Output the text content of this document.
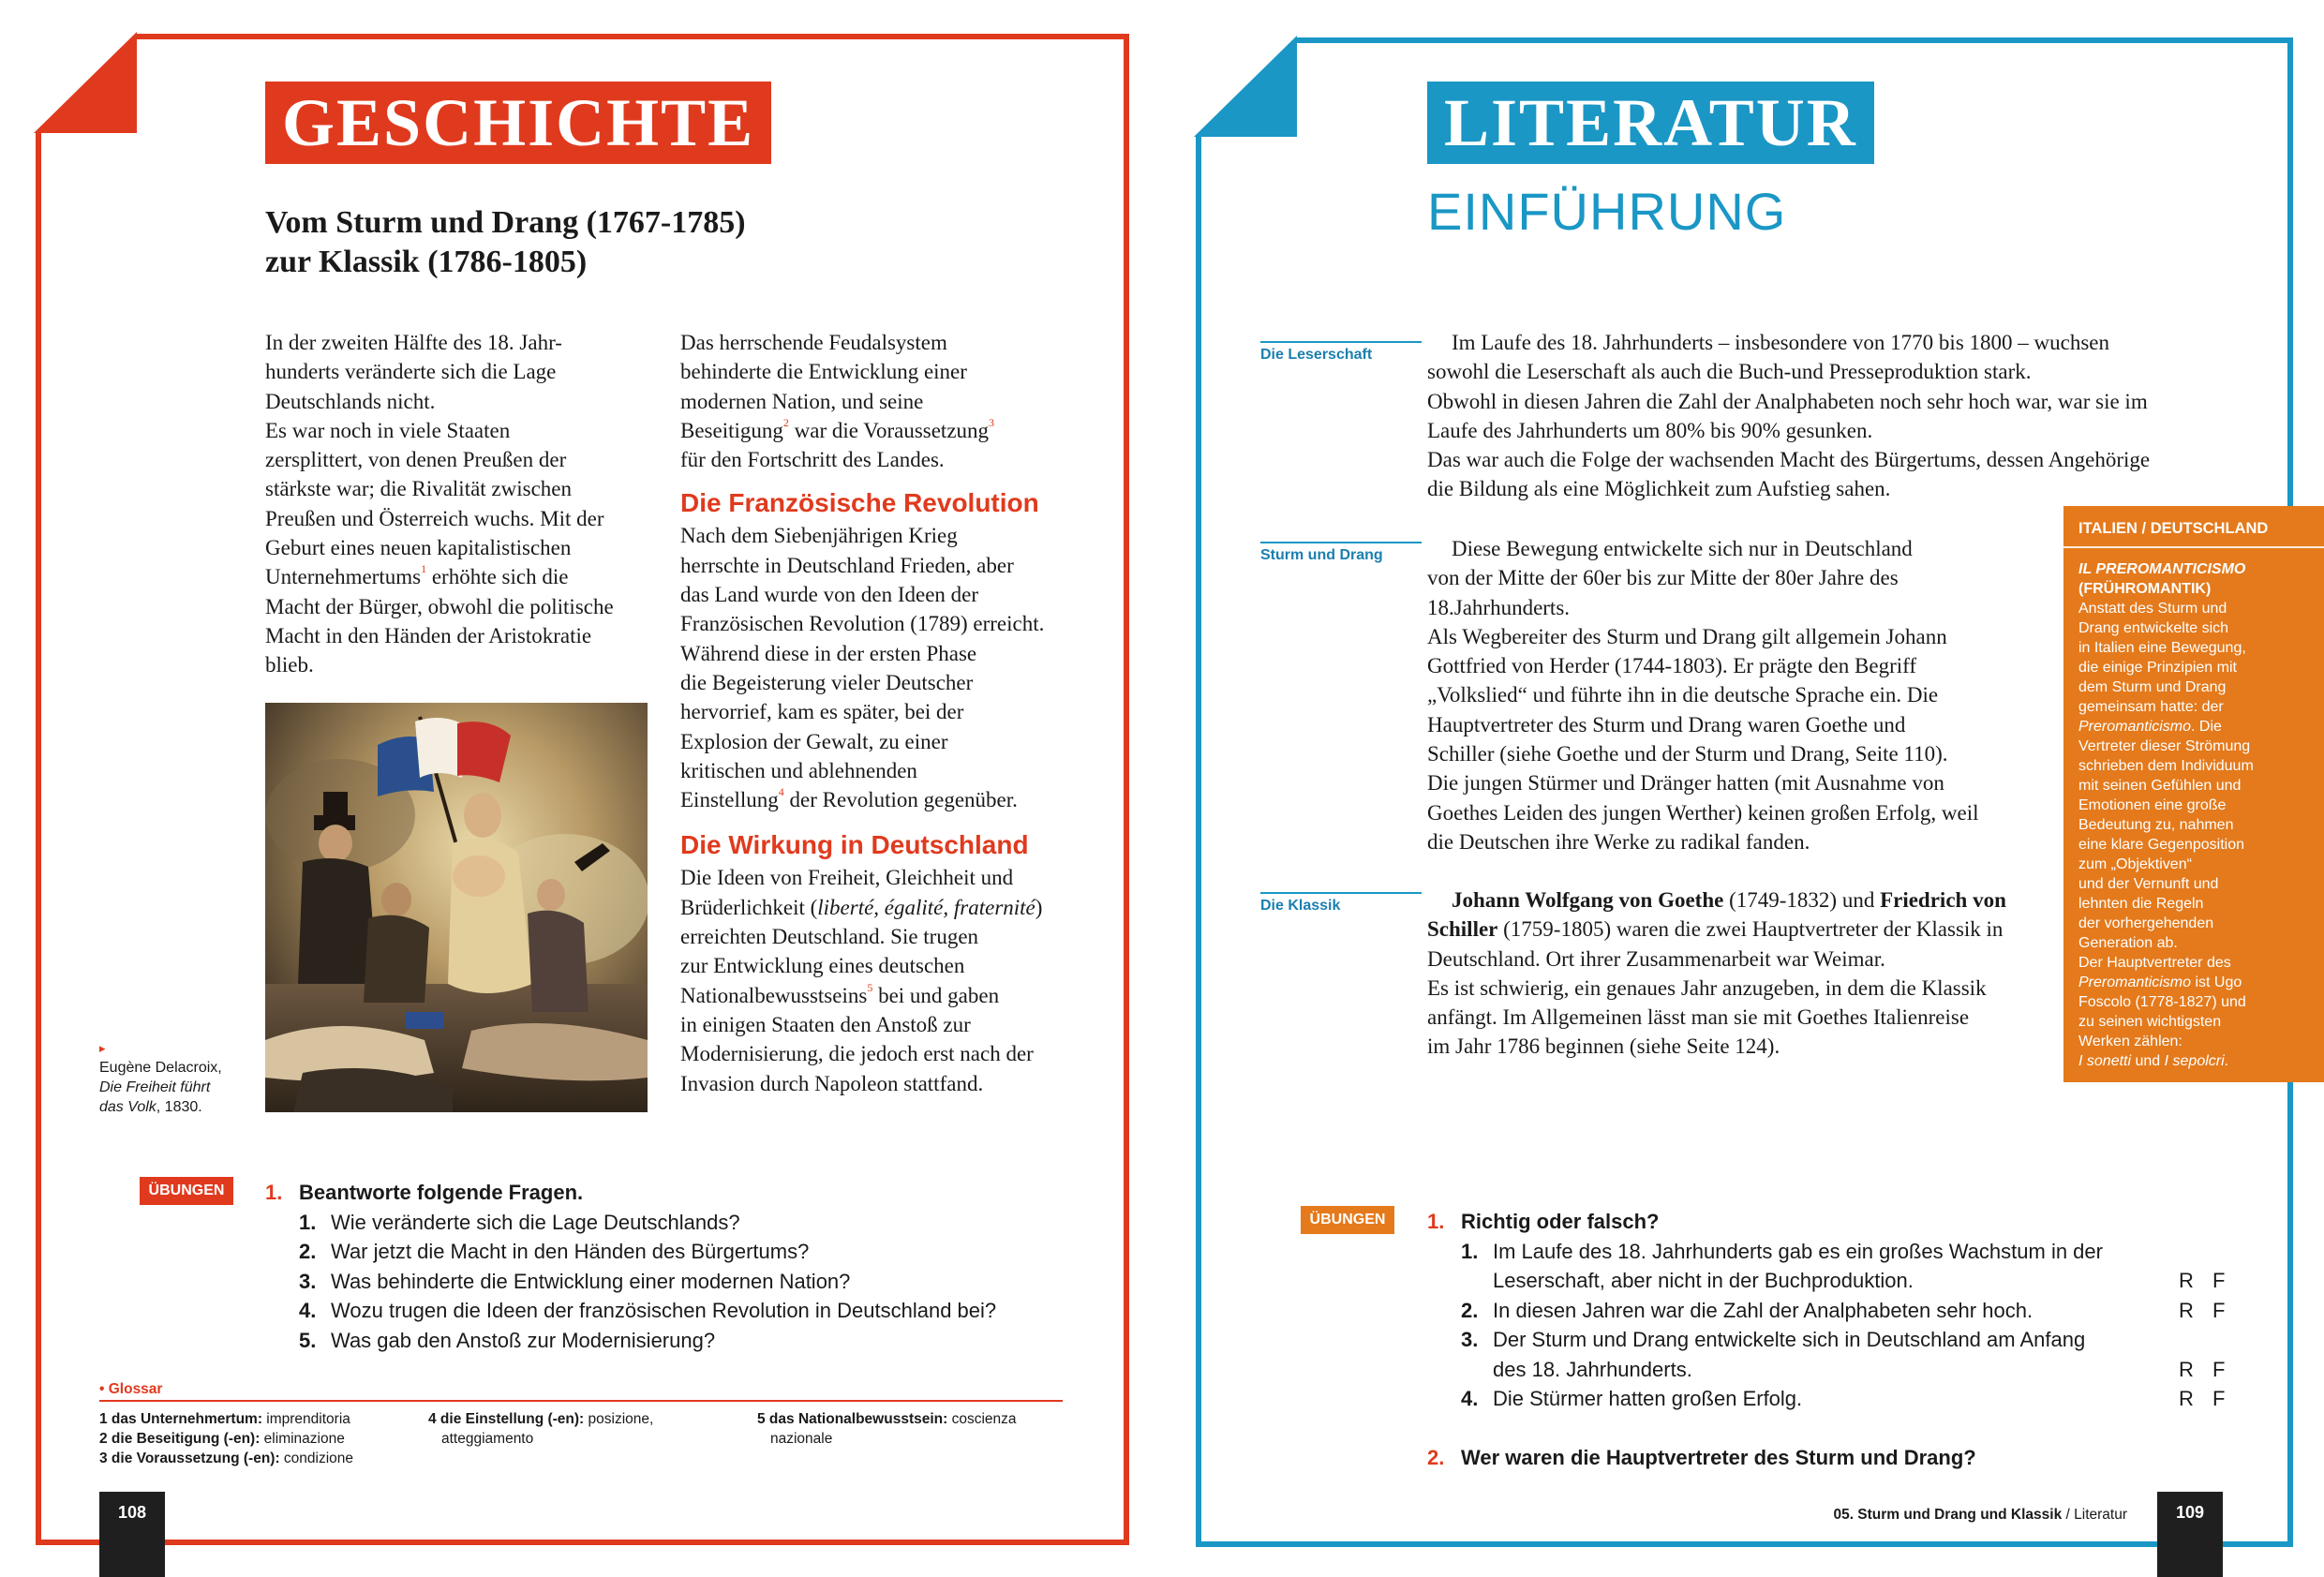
GESCHICHTE
Vom Sturm und Drang (1767-1785)
zur Klassik (1786-1805)
In der zweiten Hälfte des 18. Jahr-
hunderts veränderte sich die Lage
Deutschlands nicht.
Es war noch in viele Staaten
zersplittert, von denen Preußen der
stärkste war; die Rivalität zwischen
Preußen und Österreich wuchs. Mit der
Geburt eines neuen kapitalistischen
Unternehmertums$^1$ erhöhte sich die
Macht der Bürger, obwohl die politische
Macht in den Händen der Aristokratie
blieb.
▸
Eugène Delacroix,
Die Freiheit führt
das Volk, 1830.
Das herrschende Feudalsystem
behinderte die Entwicklung einer
modernen Nation, und seine
Beseitigung$^2$ war die Voraussetzung$^3$
für den Fortschritt des Landes.
Die Französische Revolution
Nach dem Siebenjährigen Krieg
herrschte in Deutschland Frieden, aber
das Land wurde von den Ideen der
Französischen Revolution (1789) erreicht.
Während diese in der ersten Phase
die Begeisterung vieler Deutscher
hervorrief, kam es später, bei der
Explosion der Gewalt, zu einer
kritischen und ablehnenden
Einstellung$^4$ der Revolution gegenüber.
Die Wirkung in Deutschland
Die Ideen von Freiheit, Gleichheit und
Brüderlichkeit (liberté, égalité, fraternité)
erreichten Deutschland. Sie trugen
zur Entwicklung eines deutschen
Nationalbewusstseins$^5$ bei und gaben
in einigen Staaten den Anstoß zur
Modernisierung, die jedoch erst nach der
Invasion durch Napoleon stattfand.
ÜBUNGEN	1. Beantworte folgende Fragen.
1. Wie veränderte sich die Lage Deutschlands?
2. War jetzt die Macht in den Händen des Bürgertums?
3. Was behinderte die Entwicklung einer modernen Nation?
4. Wozu trugen die Ideen der französischen Revolution in Deutschland bei?
5. Was gab den Anstoß zur Modernisierung?
• Glossar
1 das Unternehmertum: imprenditoria
2 die Beseitigung (-en): eliminazione
3 die Voraussetzung (-en): condizione
4 die Einstellung (-en): posizione,
atteggiamento
5 das Nationalbewusstsein: coscienza
nazionale
108
LITERATUR
EINFÜHRUNG
Die Leserschaft
Sturm und Drang
Die Klassik
Im Laufe des 18. Jahrhunderts – insbesondere von 1770 bis 1800 – wuchsen
sowohl die Leserschaft als auch die Buch-und Presseproduktion stark.
Obwohl in diesen Jahren die Zahl der Analphabeten noch sehr hoch war, war sie im
Laufe des Jahrhunderts um 80% bis 90% gesunken.
Das war auch die Folge der wachsenden Macht des Bürgertums, dessen Angehörige
die Bildung als eine Möglichkeit zum Aufstieg sahen.
Diese Bewegung entwickelte sich nur in Deutschland
von der Mitte der 60er bis zur Mitte der 80er Jahre des
18.Jahrhunderts.
Als Wegbereiter des Sturm und Drang gilt allgemein Johann
Gottfried von Herder (1744-1803). Er prägte den Begriff
„Volkslied“ und führte ihn in die deutsche Sprache ein. Die
Hauptvertreter des Sturm und Drang waren Goethe und
Schiller (siehe Goethe und der Sturm und Drang, Seite 110).
Die jungen Stürmer und Dränger hatten (mit Ausnahme von
Goethes Leiden des jungen Werther) keinen großen Erfolg, weil
die Deutschen ihre Werke zu radikal fanden.
Johann Wolfgang von Goethe (1749-1832) und Friedrich von
Schiller (1759-1805) waren die zwei Hauptvertreter der Klassik in
Deutschland. Ort ihrer Zusammenarbeit war Weimar.
Es ist schwierig, ein genaues Jahr anzugeben, in dem die Klassik
anfängt. Im Allgemeinen lässt man sie mit Goethes Italienreise
im Jahr 1786 beginnen (siehe Seite 124).
ITALIEN / DEUTSCHLAND
IL PREROMANTICISMO
(FRÜHROMANTIK)
Anstatt des Sturm und
Drang entwickelte sich
in Italien eine Bewegung,
die einige Prinzipien mit
dem Sturm und Drang
gemeinsam hatte: der
Preromanticismo. Die
Vertreter dieser Strömung
schrieben dem Individuum
mit seinen Gefühlen und
Emotionen eine große
Bedeutung zu, nahmen
eine klare Gegenposition
zum „Objektiven“
und der Vernunft und
lehnten die Regeln
der vorhergehenden
Generation ab.
Der Hauptvertreter des
Preromanticismo ist Ugo
Foscolo (1778-1827) und
zu seinen wichtigsten
Werken zählen:
I sonetti und I sepolcri.
ÜBUNGEN	1. Richtig oder falsch?
1. Im Laufe des 18. Jahrhunderts gab es ein großes Wachstum in der
Leserschaft, aber nicht in der Buchproduktion.	R F
2. In diesen Jahren war die Zahl der Analphabeten sehr hoch.	R F
3. Der Sturm und Drang entwickelte sich in Deutschland am Anfang
des 18. Jahrhunderts.	R F
4. Die Stürmer hatten großen Erfolg.	R F
2. Wer waren die Hauptvertreter des Sturm und Drang?
05. Sturm und Drang und Klassik / Literatur	109
